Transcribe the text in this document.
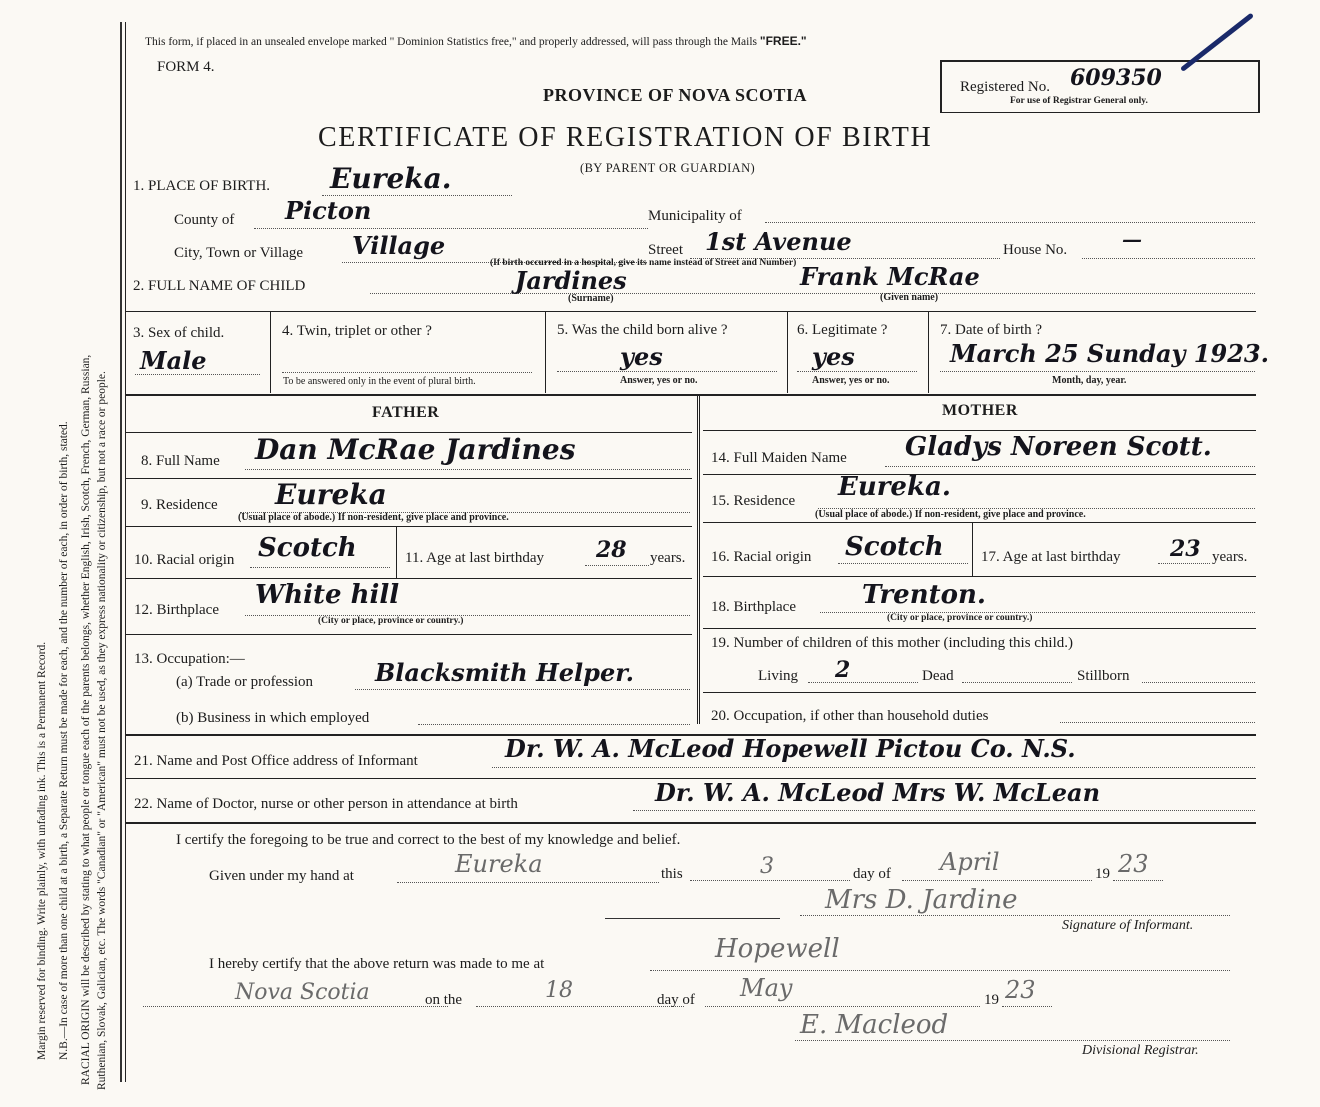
Margin reserved for binding. Write plainly, with unfading ink. This is a Permanent Record. N.B.—In case of more than one child at a birth, a Separate Return must be made for each, and the number of each, in order of birth, stated. RACIAL ORIGIN will be described by stating to what people or tongue each of the parents belongs, whether English, Irish, Scotch, French, German, Russian, Ruthenian, Slovak, Galician, etc. The words "Canadian" or "American" must not be used, as they express nationality or citizenship, but not a race or people.
This form, if placed in an unsealed envelope marked " Dominion Statistics free," and properly addressed, will pass through the Mails "FREE."
FORM 4.
PROVINCE OF NOVA SCOTIA
CERTIFICATE OF REGISTRATION OF BIRTH
(BY PARENT OR GUARDIAN)
Registered No. 609350
For use of Registrar General only.
1. PLACE OF BIRTH. Eureka.
County of Picton	Municipality of
City, Town or Village Village	Street 1st Avenue	House No.	—
(If birth occurred in a hospital, give its name instead of Street and Number)
2. FULL NAME OF CHILD	Jardines	Frank McRae
(Surname)	(Given name)
3. Sex of child.
Male
4. Twin, triplet or other ?
To be answered only in the event of plural birth.
5. Was the child born alive ?
yes
Answer, yes or no.
6. Legitimate ?
yes
Answer, yes or no.
7. Date of birth ?
March 25 Sunday 1923.
Month, day, year.
FATHER	MOTHER
8. Full Name Dan McRae Jardines
9. Residence Eureka
(Usual place of abode.) If non-resident, give place and province.
10. Racial origin Scotch	11. Age at last birthday 28 years.
12. Birthplace White hill
(City or place, province or country.)
13. Occupation:—
(a) Trade or profession	Blacksmith Helper.
(b) Business in which employed
14. Full Maiden Name Gladys Noreen Scott.
15. Residence Eureka.
(Usual place of abode.) If non-resident, give place and province.
16. Racial origin Scotch 17. Age at last birthday 23 years.
18. Birthplace	Trenton.
(City or place, province or country.)
19. Number of children of this mother (including this child.)
Living 2	Dead	Stillborn
20. Occupation, if other than household duties
21. Name and Post Office address of Informant	Dr. W. A. McLeod Hopewell Pictou Co. N.S.
22. Name of Doctor, nurse or other person in attendance at birth	Dr. W. A. McLeod Mrs W. McLean
I certify the foregoing to be true and correct to the best of my knowledge and belief.
Given under my hand at	Eureka	this	3	day of April	19 23
Mrs D. Jardine
Signature of Informant.
I hereby certify that the above return was made to me at	Hopewell
Nova Scotia	on the	18	day of May	19 23
E. Macleod
Divisional Registrar.
